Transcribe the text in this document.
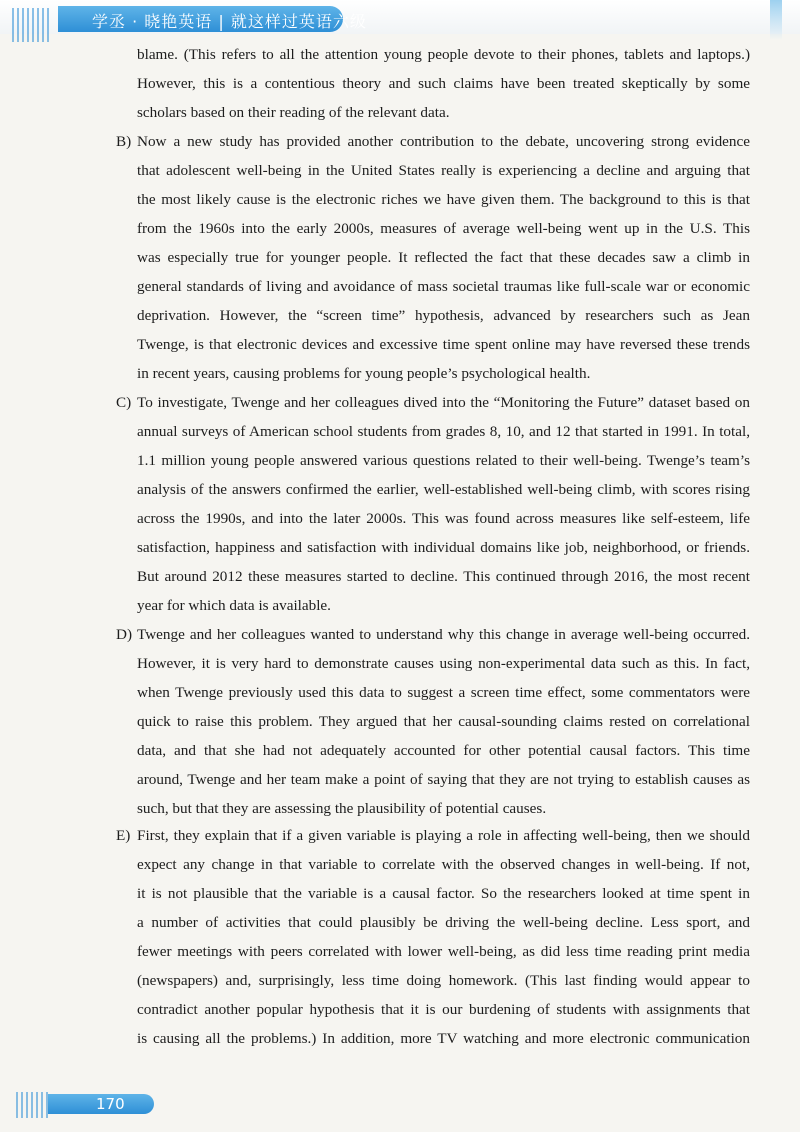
学丞 · 晓艳英语 | 就这样过英语六级
blame. (This refers to all the attention young people devote to their phones, tablets and laptops.)
However, this is a contentious theory and such claims have been treated skeptically by some
scholars based on their reading of the relevant data.
B) Now a new study has provided another contribution to the debate, uncovering strong evidence
that adolescent well-being in the United States really is experiencing a decline and arguing that
the most likely cause is the electronic riches we have given them. The background to this is that
from the 1960s into the early 2000s, measures of average well-being went up in the U.S. This
was especially true for younger people. It reflected the fact that these decades saw a climb in
general standards of living and avoidance of mass societal traumas like full-scale war or economic
deprivation. However, the “screen time” hypothesis, advanced by researchers such as Jean
Twenge, is that electronic devices and excessive time spent online may have reversed these trends
in recent years, causing problems for young people’s psychological health.
C) To investigate, Twenge and her colleagues dived into the “Monitoring the Future” dataset based on
annual surveys of American school students from grades 8, 10, and 12 that started in 1991. In total,
1.1 million young people answered various questions related to their well-being. Twenge’s team’s
analysis of the answers confirmed the earlier, well-established well-being climb, with scores rising
across the 1990s, and into the later 2000s. This was found across measures like self-esteem, life
satisfaction, happiness and satisfaction with individual domains like job, neighborhood, or friends.
But around 2012 these measures started to decline. This continued through 2016, the most recent
year for which data is available.
D) Twenge and her colleagues wanted to understand why this change in average well-being occurred.
However, it is very hard to demonstrate causes using non-experimental data such as this. In fact,
when Twenge previously used this data to suggest a screen time effect, some commentators were
quick to raise this problem. They argued that her causal-sounding claims rested on correlational
data, and that she had not adequately accounted for other potential causal factors. This time
around, Twenge and her team make a point of saying that they are not trying to establish causes as
such, but that they are assessing the plausibility of potential causes.
E) First, they explain that if a given variable is playing a role in affecting well-being, then we should
expect any change in that variable to correlate with the observed changes in well-being. If not,
it is not plausible that the variable is a causal factor. So the researchers looked at time spent in
a number of activities that could plausibly be driving the well-being decline. Less sport, and
fewer meetings with peers correlated with lower well-being, as did less time reading print media
(newspapers) and, surprisingly, less time doing homework. (This last finding would appear to
contradict another popular hypothesis that it is our burdening of students with assignments that
is causing all the problems.) In addition, more TV watching and more electronic communication
170
